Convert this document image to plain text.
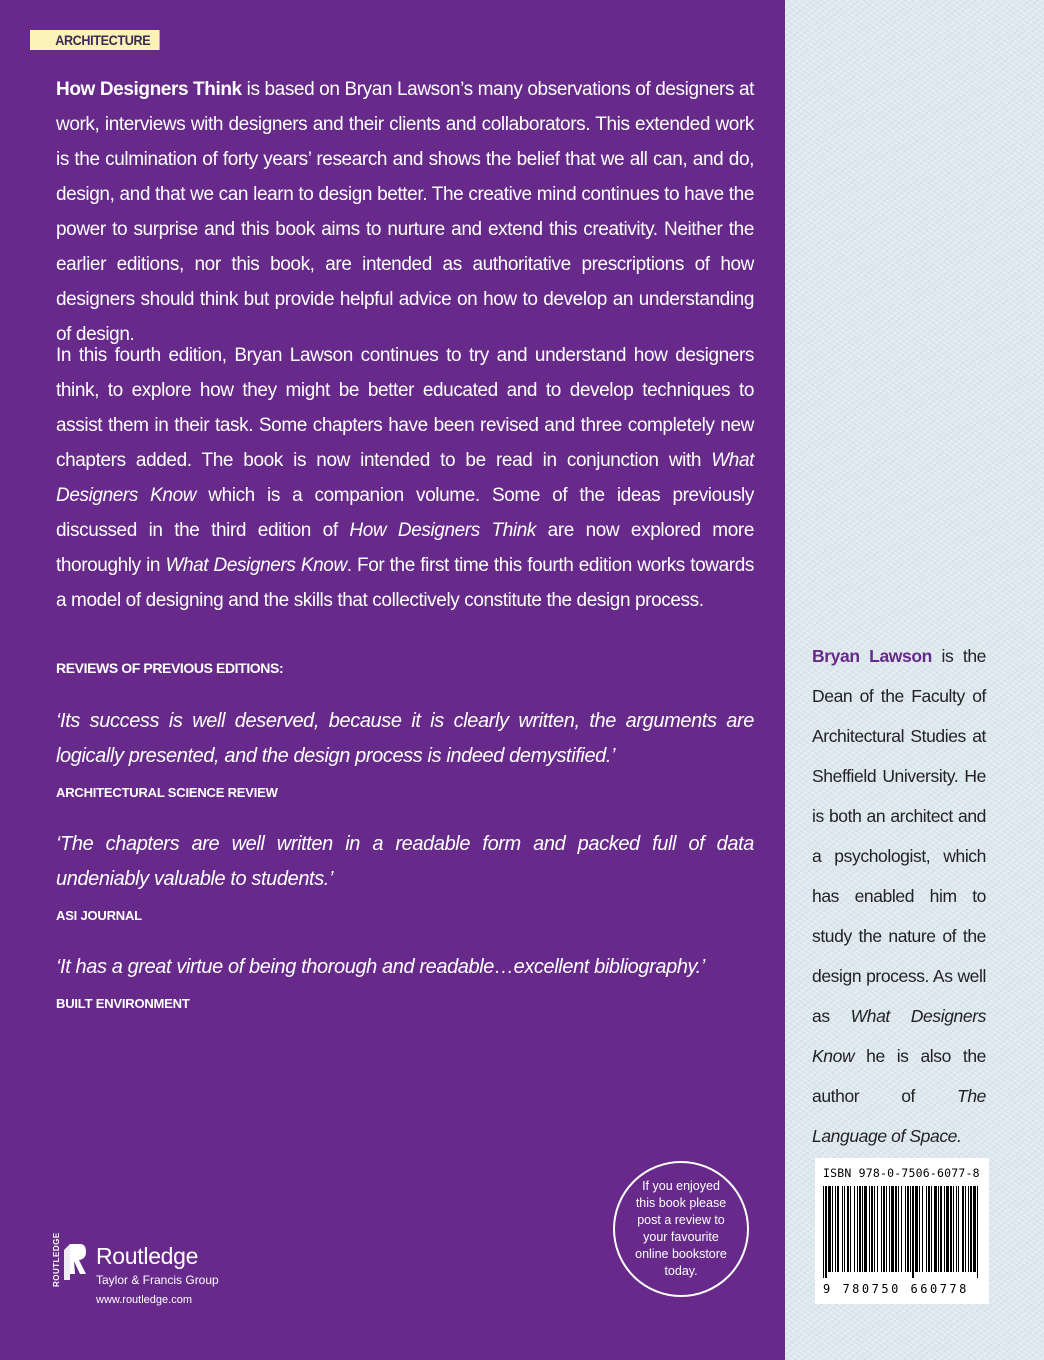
ARCHITECTURE

How Designers Think is based on Bryan Lawson’s many observations of designers at work, interviews with designers and their clients and collaborators. This extended work is the culmination of forty years’ research and shows the belief that we all can, and do, design, and that we can learn to design better. The creative mind continues to have the power to surprise and this book aims to nurture and extend this creativity. Neither the earlier editions, nor this book, are intended as authoritative prescriptions of how designers should think but provide helpful advice on how to develop an understanding of design.

In this fourth edition, Bryan Lawson continues to try and understand how designers think, to explore how they might be better educated and to develop techniques to assist them in their task. Some chapters have been revised and three completely new chapters added. The book is now intended to be read in conjunction with What Designers Know which is a companion volume. Some of the ideas previously discussed in the third edition of How Designers Think are now explored more thoroughly in What Designers Know. For the first time this fourth edition works towards a model of designing and the skills that collectively constitute the design process.

REVIEWS OF PREVIOUS EDITIONS:

‘Its success is well deserved, because it is clearly written, the arguments are logically presented, and the design process is indeed demystified.’

ARCHITECTURAL SCIENCE REVIEW

‘The chapters are well written in a readable form and packed full of data undeniably valuable to students.’

ASI JOURNAL

‘It has a great virtue of being thorough and readable…excellent bibliography.’

BUILT ENVIRONMENT
ROUTLEDGE Routledge
Taylor & Francis Group
www.routledge.com
If you enjoyed this book please post a review to your favourite online bookstore today.

Bryan Lawson is the Dean of the Faculty of Architectural Studies at Sheffield University. He is both an architect and a psychologist, which has enabled him to study the nature of the design process. As well as What Designers Know he is also the author of The Language of Space.

ISBN 978-0-7506-6077-8
9 780750 660778
